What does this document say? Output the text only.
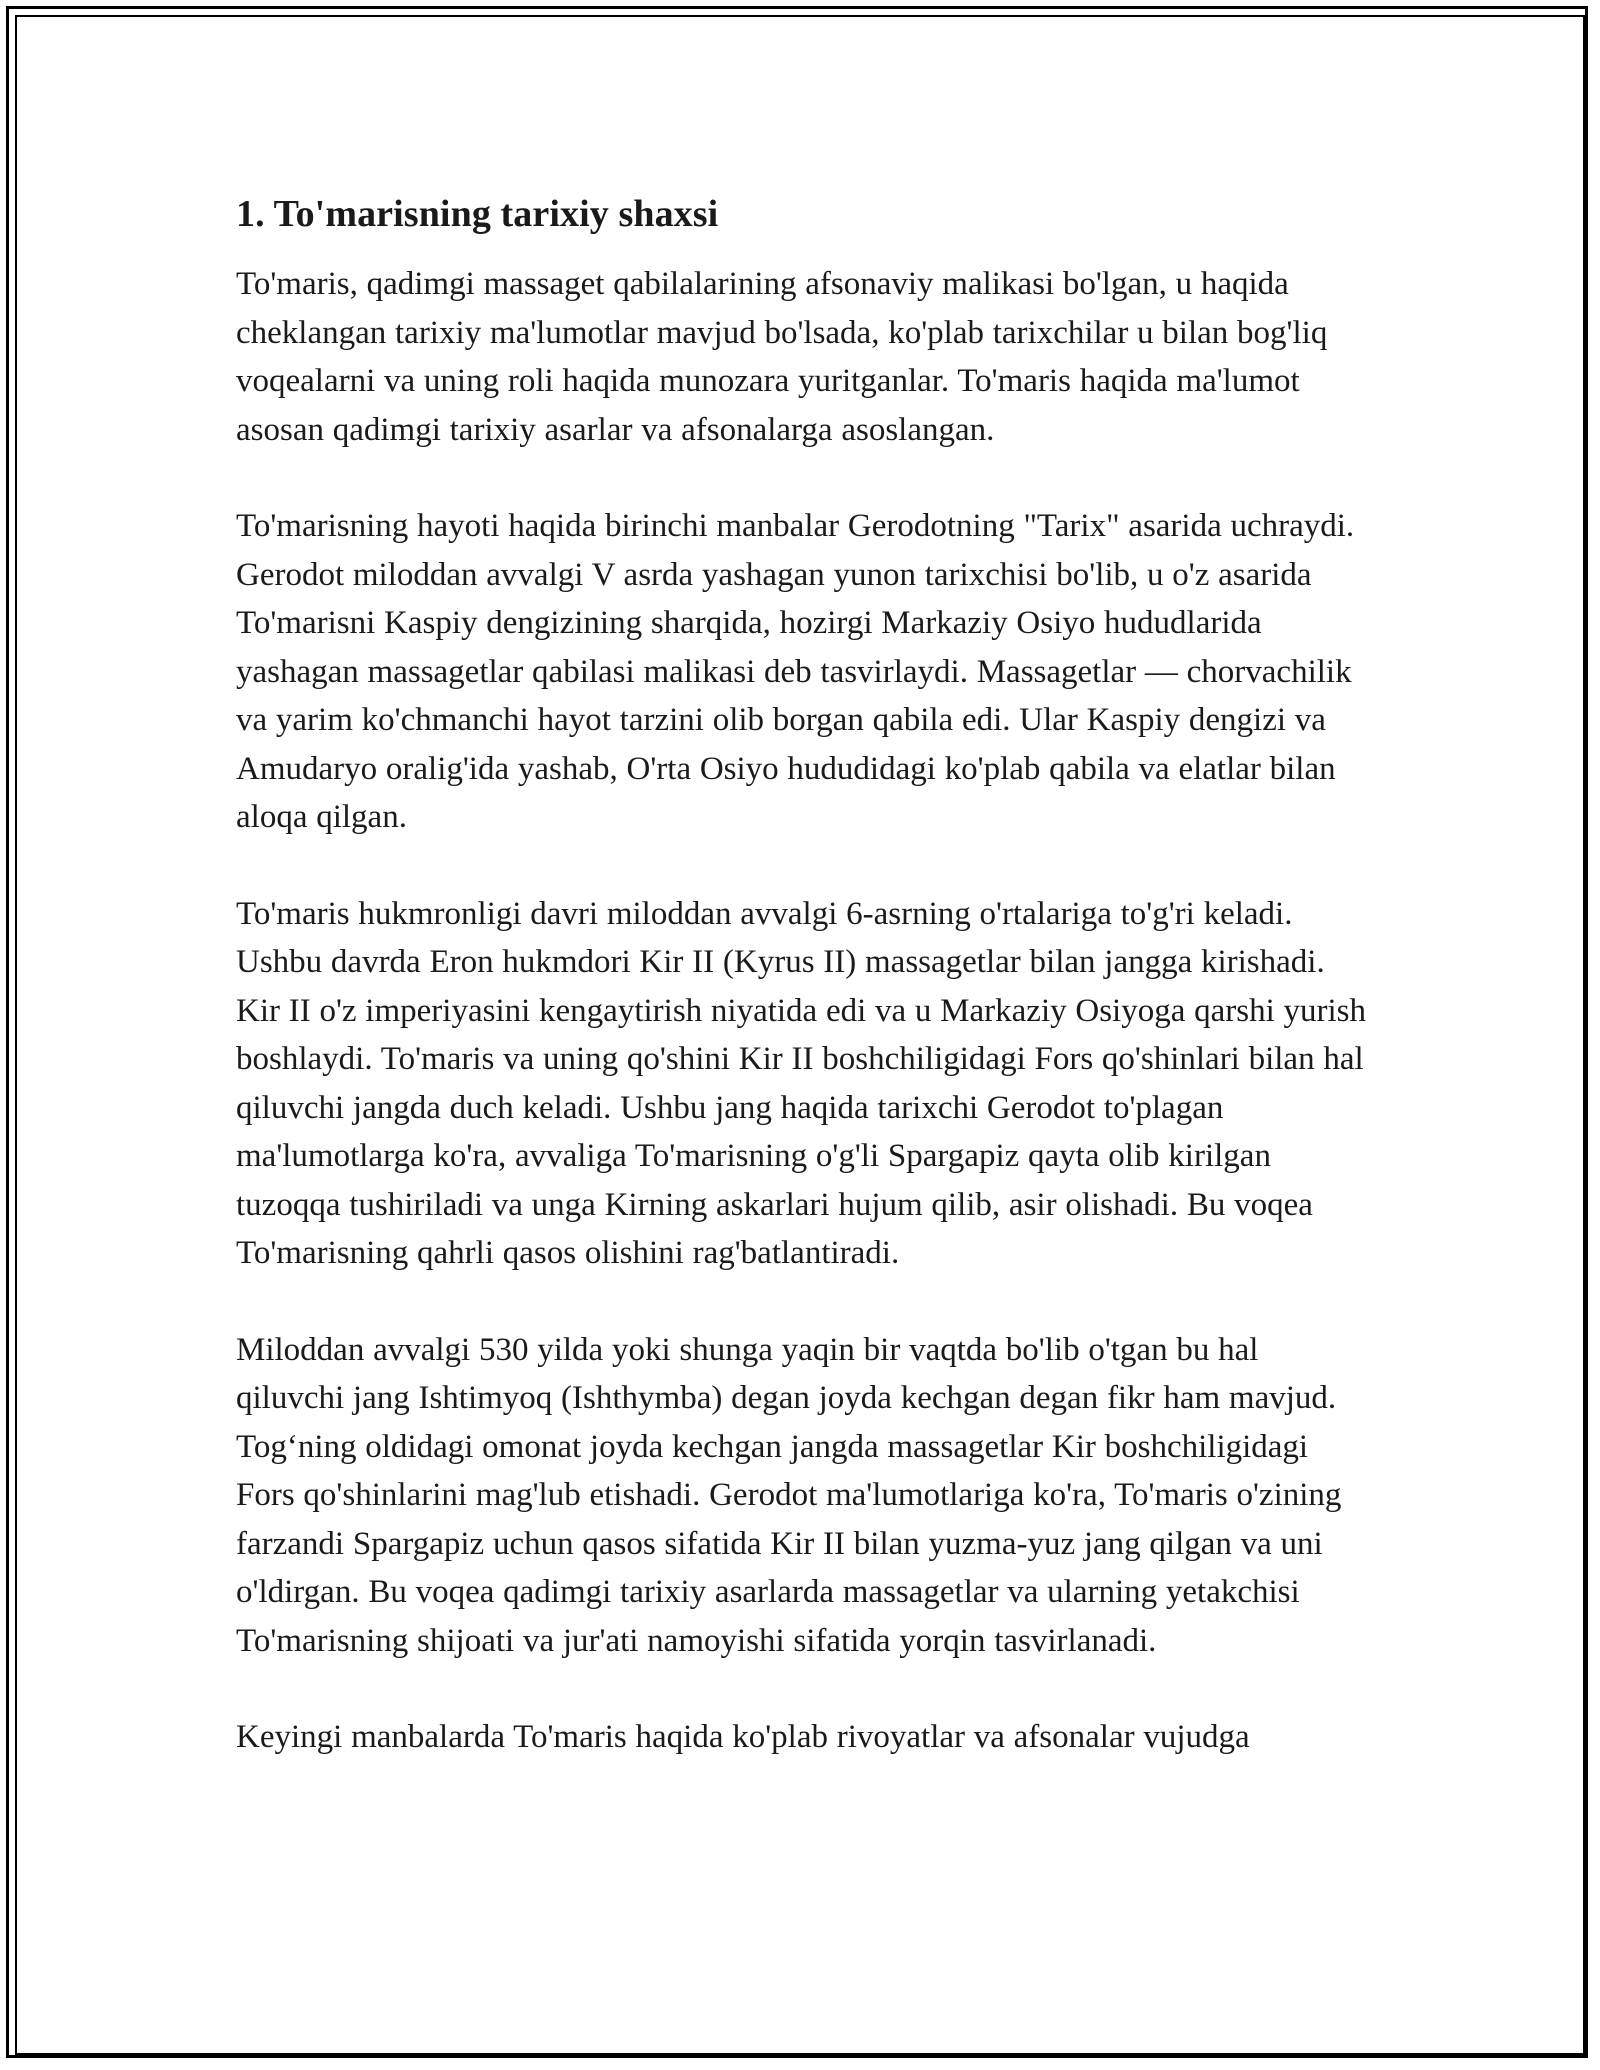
1. To'marisning tarixiy shaxsi

To'maris, qadimgi massaget qabilalarining afsonaviy malikasi bo'lgan, u haqida cheklangan tarixiy ma'lumotlar mavjud bo'lsada, ko'plab tarixchilar u bilan bog'liq voqealarni va uning roli haqida munozara yuritganlar. To'maris haqida ma'lumot asosan qadimgi tarixiy asarlar va afsonalarga asoslangan.

To'marisning hayoti haqida birinchi manbalar Gerodotning "Tarix" asarida uchraydi. Gerodot miloddan avvalgi V asrda yashagan yunon tarixchisi bo'lib, u o'z asarida To'marisni Kaspiy dengizining sharqida, hozirgi Markaziy Osiyo hududlarida yashagan massagetlar qabilasi malikasi deb tasvirlaydi. Massagetlar — chorvachilik va yarim ko'chmanchi hayot tarzini olib borgan qabila edi. Ular Kaspiy dengizi va Amudaryo oralig'ida yashab, O'rta Osiyo hududidagi ko'plab qabila va elatlar bilan aloqa qilgan.

To'maris hukmronligi davri miloddan avvalgi 6-asrning o'rtalariga to'g'ri keladi. Ushbu davrda Eron hukmdori Kir II (Kyrus II) massagetlar bilan jangga kirishadi. Kir II o'z imperiyasini kengaytirish niyatida edi va u Markaziy Osiyoga qarshi yurish boshlaydi. To'maris va uning qo'shini Kir II boshchiligidagi Fors qo'shinlari bilan hal qiluvchi jangda duch keladi. Ushbu jang haqida tarixchi Gerodot to'plagan ma'lumotlarga ko'ra, avvaliga To'marisning o'g'li Spargapiz qayta olib kirilgan tuzoqqa tushiriladi va unga Kirning askarlari hujum qilib, asir olishadi. Bu voqea To'marisning qahrli qasos olishini rag'batlantiradi.

Miloddan avvalgi 530 yilda yoki shunga yaqin bir vaqtda bo'lib o'tgan bu hal qiluvchi jang Ishtimyoq (Ishthymba) degan joyda kechgan degan fikr ham mavjud. Tog‘ning oldidagi omonat joyda kechgan jangda massagetlar Kir boshchiligidagi Fors qo'shinlarini mag'lub etishadi. Gerodot ma'lumotlariga ko'ra, To'maris o'zining farzandi Spargapiz uchun qasos sifatida Kir II bilan yuzma-yuz jang qilgan va uni o'ldirgan. Bu voqea qadimgi tarixiy asarlarda massagetlar va ularning yetakchisi To'marisning shijoati va jur'ati namoyishi sifatida yorqin tasvirlanadi.

Keyingi manbalarda To'maris haqida ko'plab rivoyatlar va afsonalar vujudga
